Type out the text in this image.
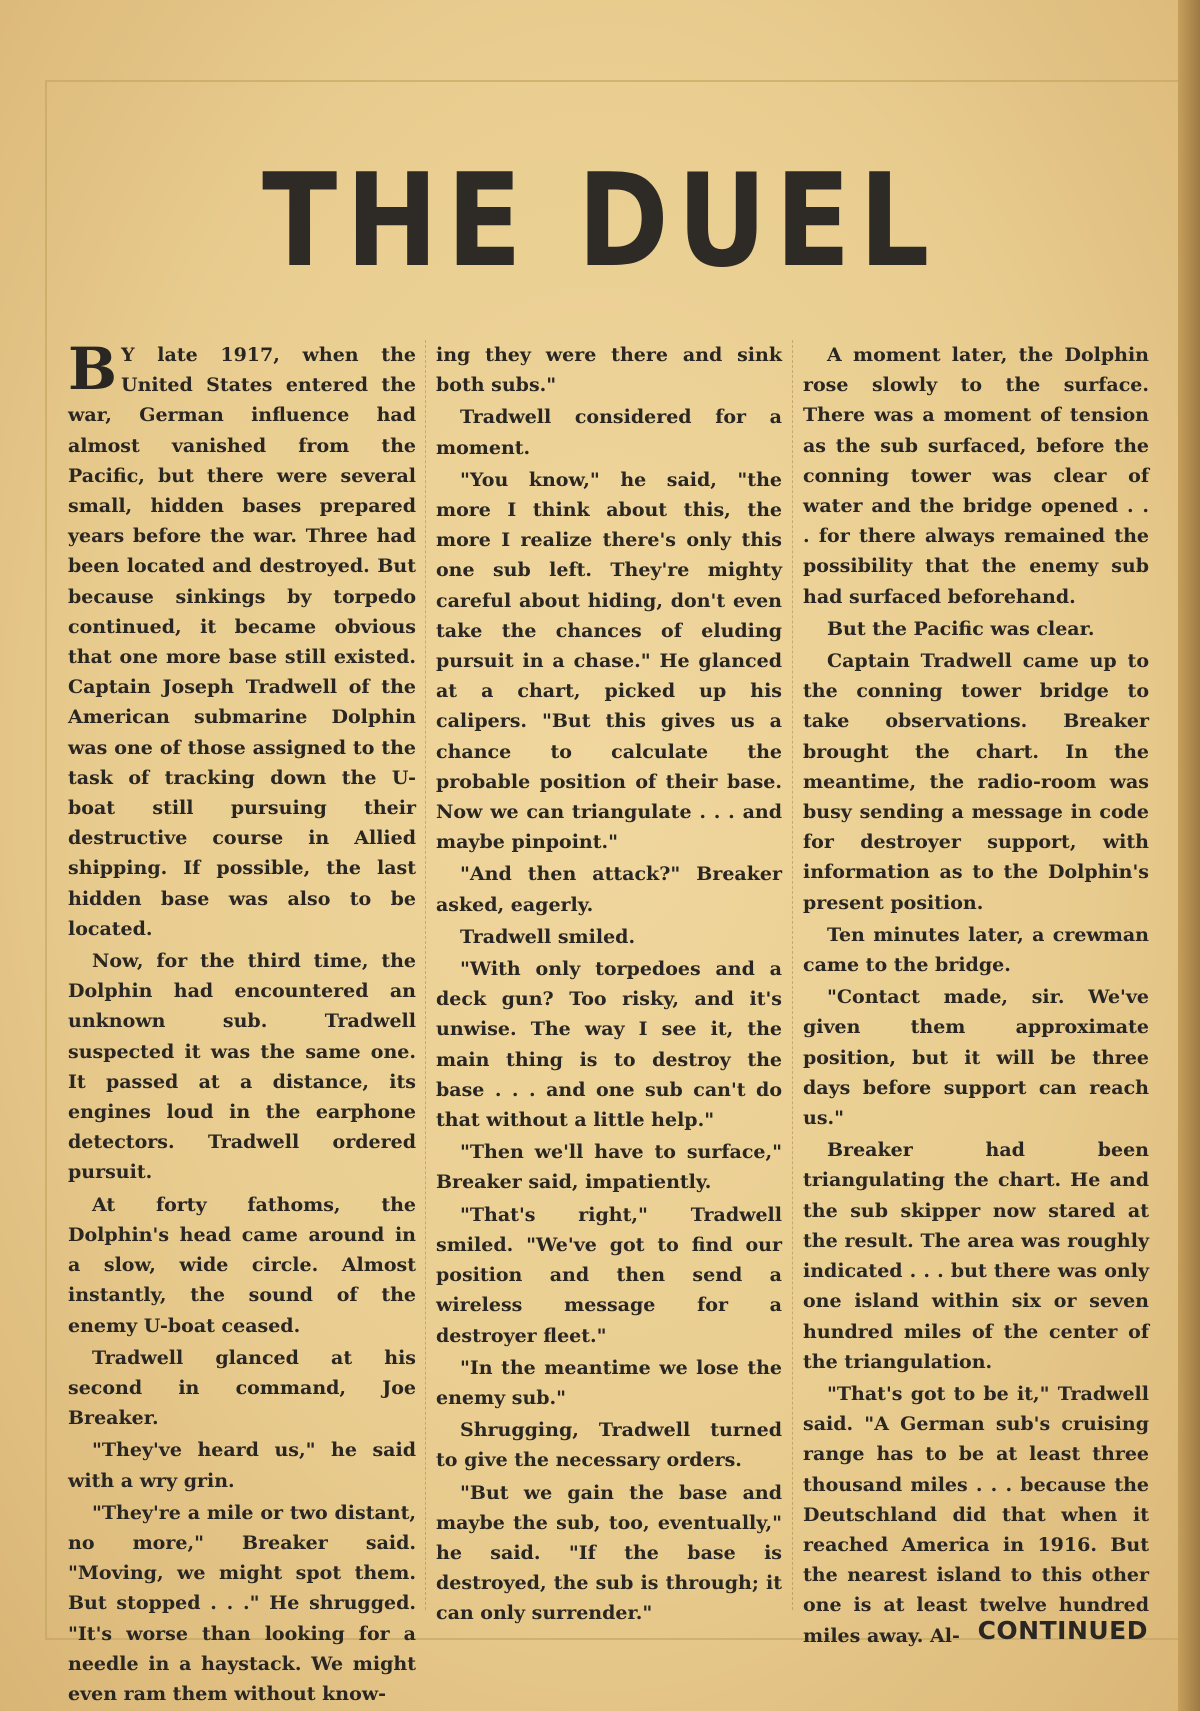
THE DUEL

B Y late 1917, when the United States entered the war, German influence had almost vanished from the Pacific, but there were several small, hidden bases prepared years before the war. Three had been located and destroyed. But because sinkings by torpedo continued, it became obvious that one more base still existed. Captain Joseph Tradwell of the American submarine Dolphin was one of those assigned to the task of tracking down the U-boat still pursuing their destructive course in Allied shipping. If possible, the last hidden base was also to be located.

Now, for the third time, the Dolphin had encountered an unknown sub. Tradwell suspected it was the same one. It passed at a distance, its engines loud in the earphone detectors. Tradwell ordered pursuit.

At forty fathoms, the Dolphin's head came around in a slow, wide circle. Almost instantly, the sound of the enemy U-boat ceased.

Tradwell glanced at his second in command, Joe Breaker.

"They've heard us," he said with a wry grin.

"They're a mile or two distant, no more," Breaker said. "Moving, we might spot them. But stopped . . ." He shrugged. "It's worse than looking for a needle in a haystack. We might even ram them without know-

ing they were there and sink both subs."

Tradwell considered for a moment.

"You know," he said, "the more I think about this, the more I realize there's only this one sub left. They're mighty careful about hiding, don't even take the chances of eluding pursuit in a chase." He glanced at a chart, picked up his calipers. "But this gives us a chance to calculate the probable position of their base. Now we can triangulate . . . and maybe pinpoint."

"And then attack?" Breaker asked, eagerly.

Tradwell smiled.

"With only torpedoes and a deck gun? Too risky, and it's unwise. The way I see it, the main thing is to destroy the base . . . and one sub can't do that without a little help."

"Then we'll have to surface," Breaker said, impatiently.

"That's right," Tradwell smiled. "We've got to find our position and then send a wireless message for a destroyer fleet."

"In the meantime we lose the enemy sub."

Shrugging, Tradwell turned to give the necessary orders.

"But we gain the base and maybe the sub, too, eventually," he said. "If the base is destroyed, the sub is through; it can only surrender."

A moment later, the Dolphin rose slowly to the surface. There was a moment of tension as the sub surfaced, before the conning tower was clear of water and the bridge opened . . . for there always remained the possibility that the enemy sub had surfaced beforehand.

But the Pacific was clear.

Captain Tradwell came up to the conning tower bridge to take observations. Breaker brought the chart. In the meantime, the radio-room was busy sending a message in code for destroyer support, with information as to the Dolphin's present position.

Ten minutes later, a crewman came to the bridge.

"Contact made, sir. We've given them approximate position, but it will be three days before support can reach us."

Breaker had been triangulating the chart. He and the sub skipper now stared at the result. The area was roughly indicated . . . but there was only one island within six or seven hundred miles of the center of the triangulation.

"That's got to be it," Tradwell said. "A German sub's cruising range has to be at least three thousand miles . . . because the Deutschland did that when it reached America in 1916. But the nearest island to this other one is at least twelve hundred miles away. Al- CONTINUED
